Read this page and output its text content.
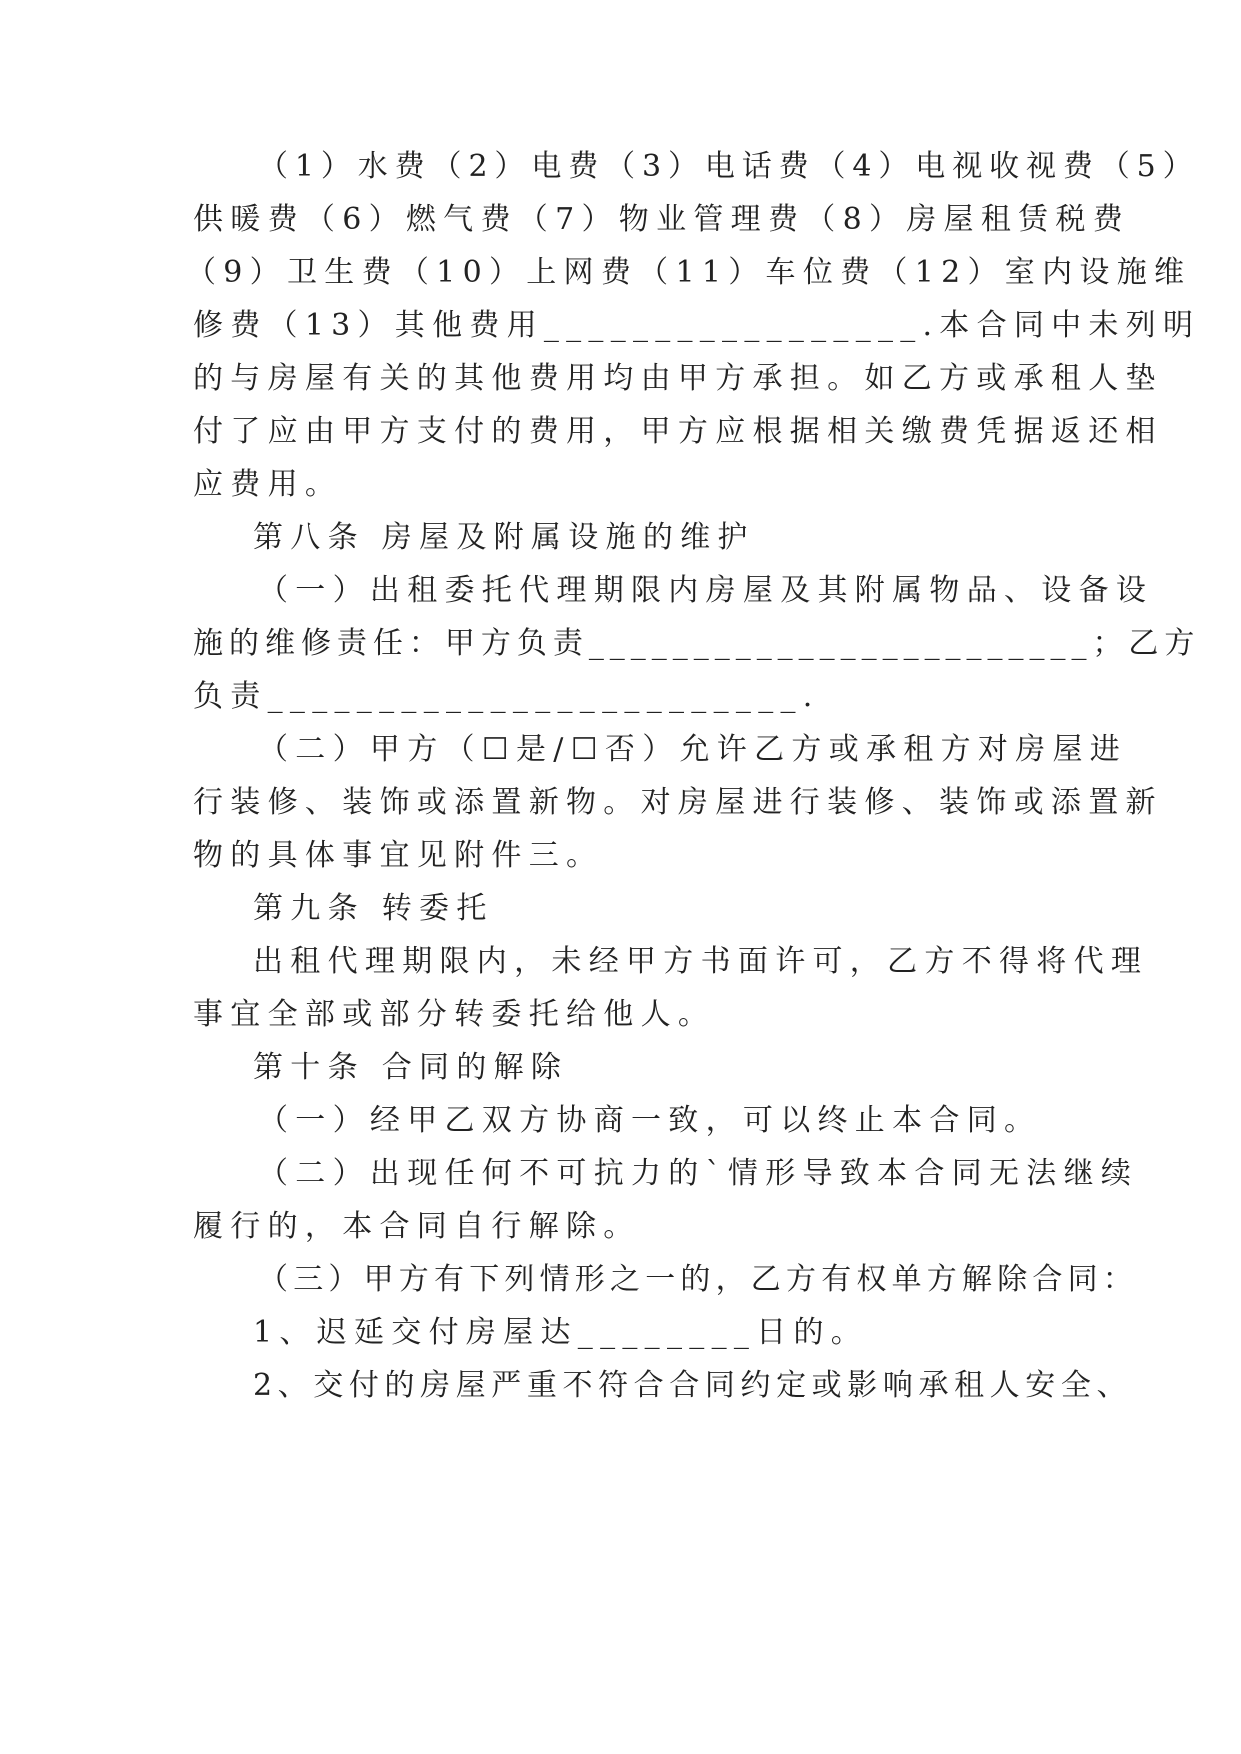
（1）水费（2）电费（3）电话费（4）电视收视费（5）
供暖费（6）燃气费（7）物业管理费（8）房屋租赁税费
（9）卫生费（10）上网费（11）车位费（12）室内设施维
修费（13）其他费用_________________.本合同中未列明
的与房屋有关的其他费用均由甲方承担。如乙方或承租人垫
付了应由甲方支付的费用，甲方应根据相关缴费凭据返还相
应费用。
第八条 房屋及附属设施的维护
（一）出租委托代理期限内房屋及其附属物品、设备设
施的维修责任：甲方负责________________________；乙方
负责________________________.
（二）甲方（☐是/☐否）允许乙方或承租方对房屋进
行装修、装饰或添置新物。对房屋进行装修、装饰或添置新
物的具体事宜见附件三。
第九条 转委托
出租代理期限内，未经甲方书面许可，乙方不得将代理
事宜全部或部分转委托给他人。
第十条 合同的解除
（一）经甲乙双方协商一致，可以终止本合同。
（二）出现任何不可抗力的`情形导致本合同无法继续
履行的，本合同自行解除。
（三）甲方有下列情形之一的，乙方有权单方解除合同：
1、迟延交付房屋达________日的。
2、交付的房屋严重不符合合同约定或影响承租人安全、
